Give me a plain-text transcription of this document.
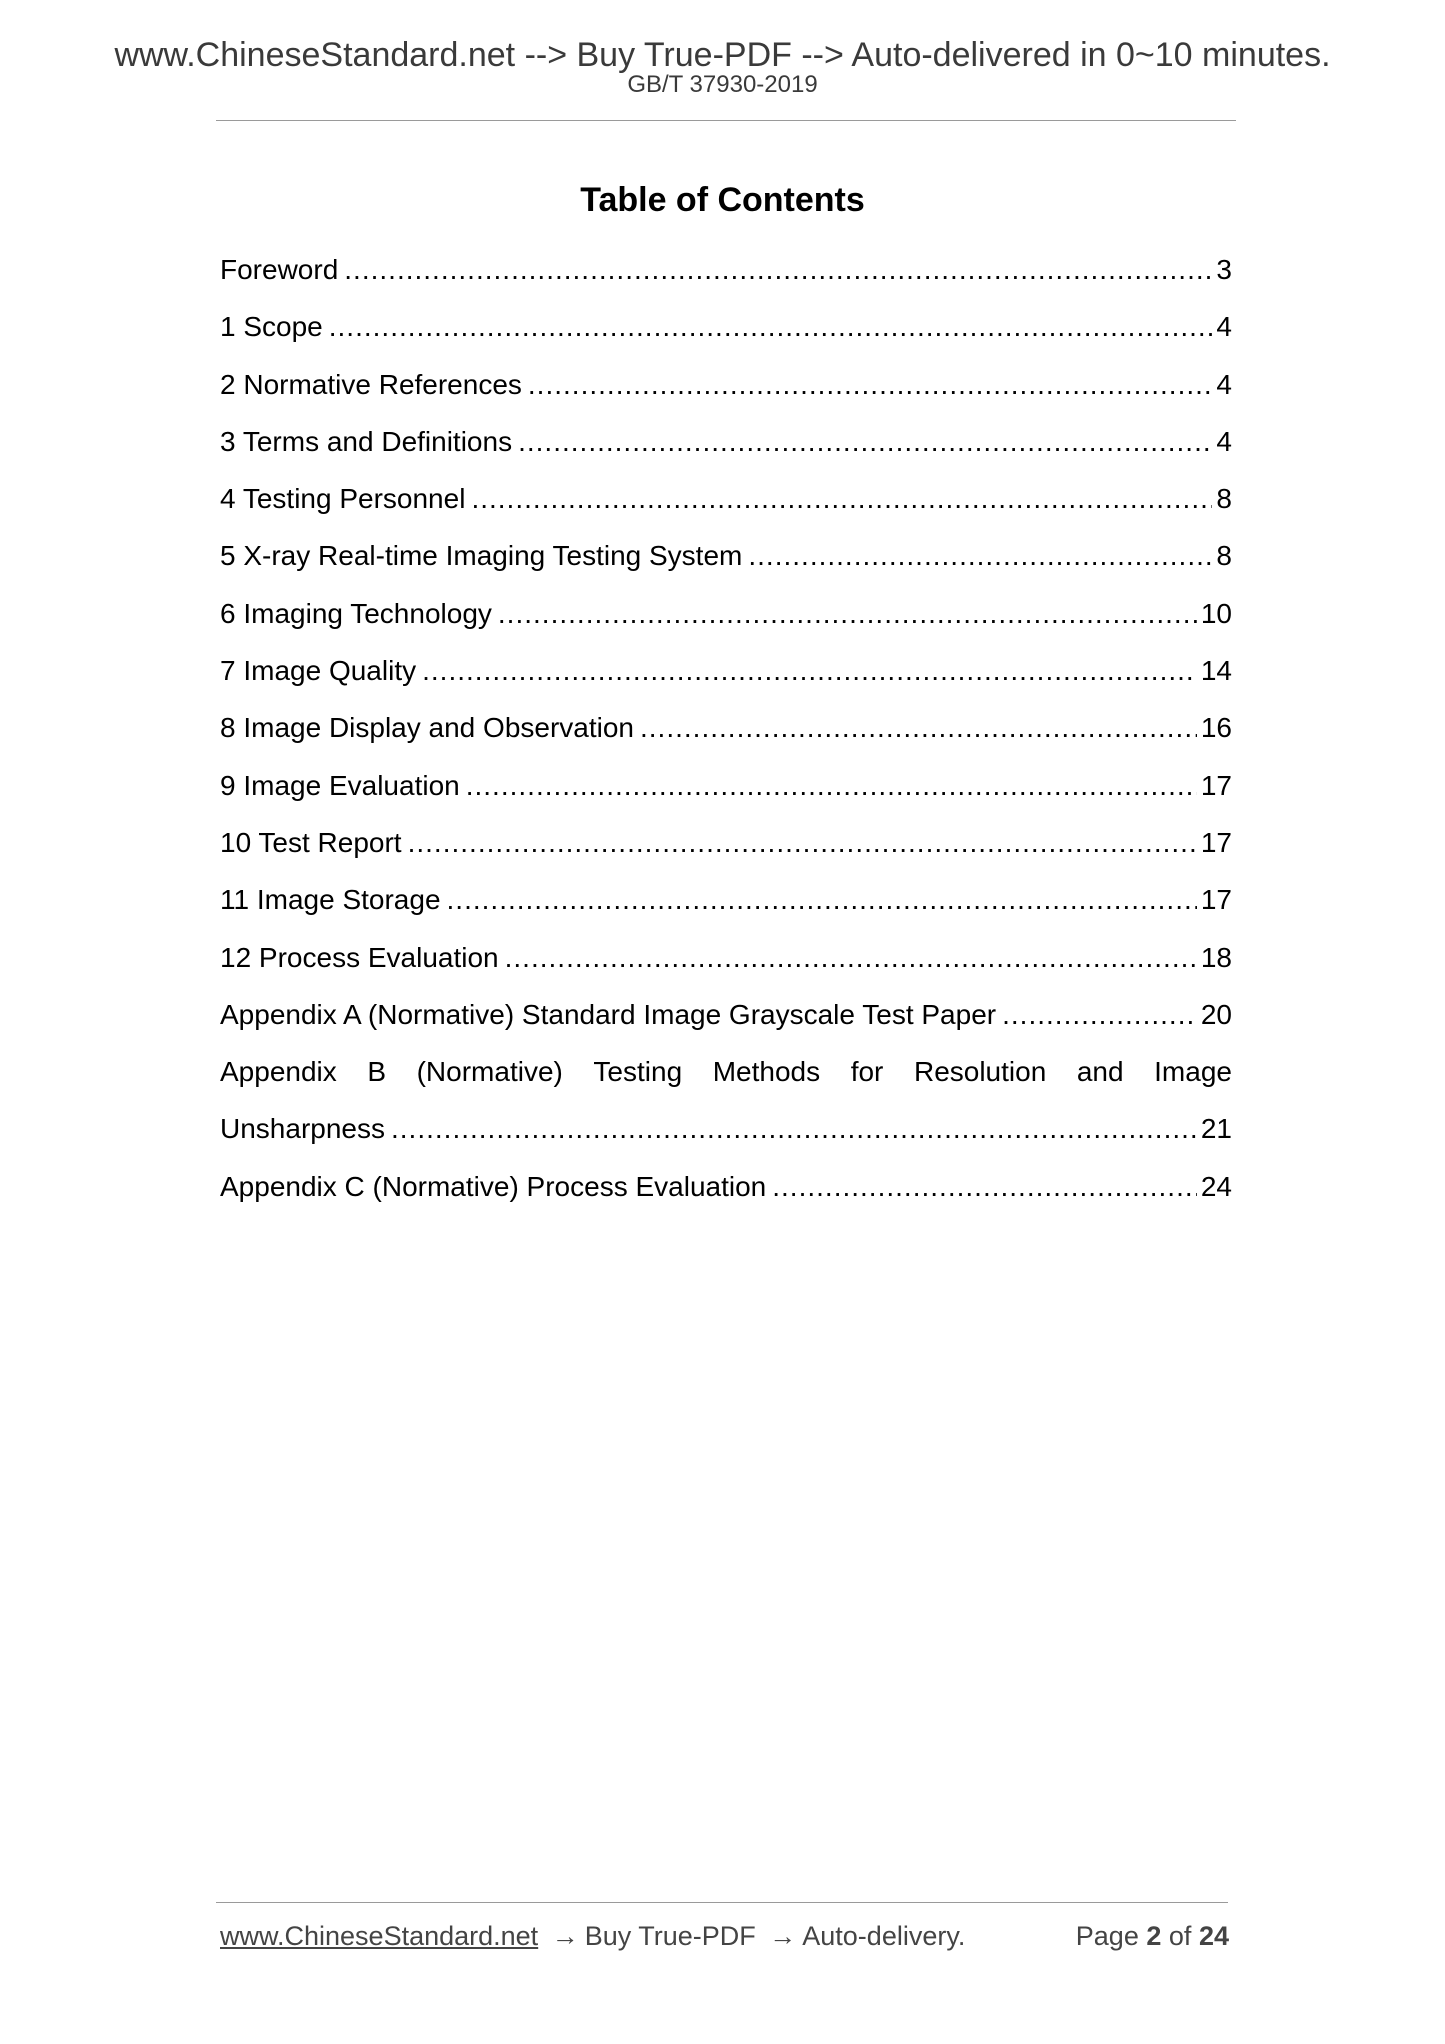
www.ChineseStandard.net --> Buy True-PDF --> Auto-delivered in 0~10 minutes.
GB/T 37930-2019
Table of Contents
Foreword .....	3
1 Scope .....	4
2 Normative References .....	4
3 Terms and Definitions .....	4
4 Testing Personnel .....	8
5 X-ray Real-time Imaging Testing System .....	8
6 Imaging Technology .....	10
7 Image Quality .....	14
8 Image Display and Observation .....	16
9 Image Evaluation .....	17
10 Test Report .....	17
11 Image Storage .....	17
12 Process Evaluation .....	18
Appendix A (Normative) Standard Image Grayscale Test Paper .....	20
Appendix B (Normative) Testing Methods for Resolution and Image
Unsharpness .....	21
Appendix C (Normative) Process Evaluation .....	24
www.ChineseStandard.net → Buy True-PDF → Auto-delivery.	Page 2 of 24
